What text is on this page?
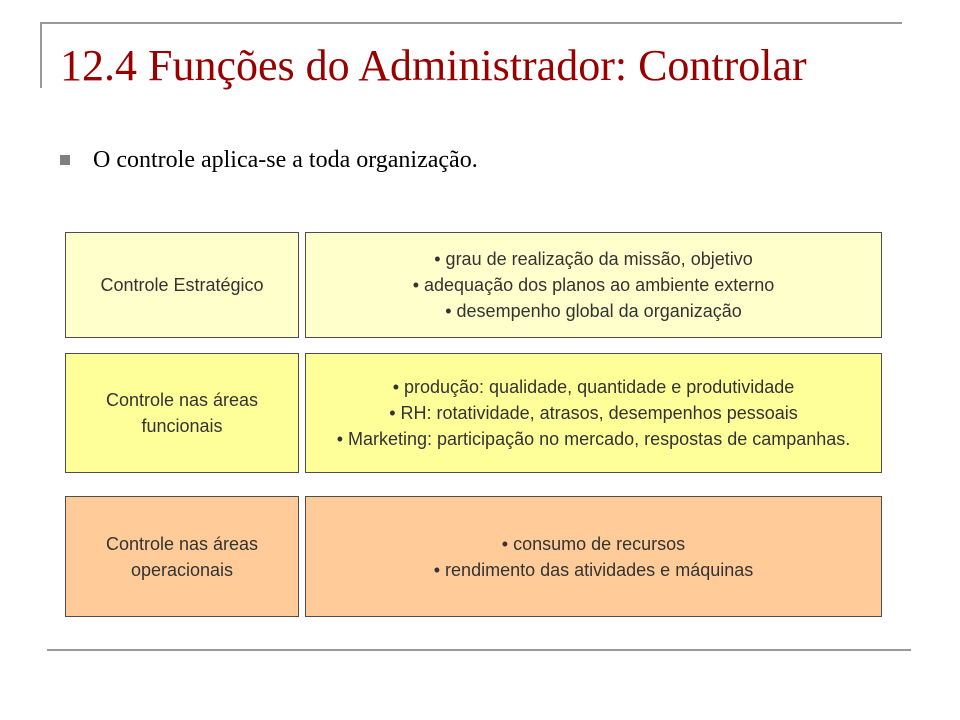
12.4 Funções do Administrador: Controlar
O controle aplica-se a toda organização.
Controle Estratégico
• grau de realização da missão, objetivo
• adequação dos planos ao ambiente externo
• desempenho global da organização
Controle nas áreas funcionais
• produção: qualidade, quantidade e produtividade
• RH: rotatividade, atrasos, desempenhos pessoais
• Marketing: participação no mercado, respostas de campanhas.
Controle nas áreas operacionais
• consumo de recursos
• rendimento das atividades e máquinas
